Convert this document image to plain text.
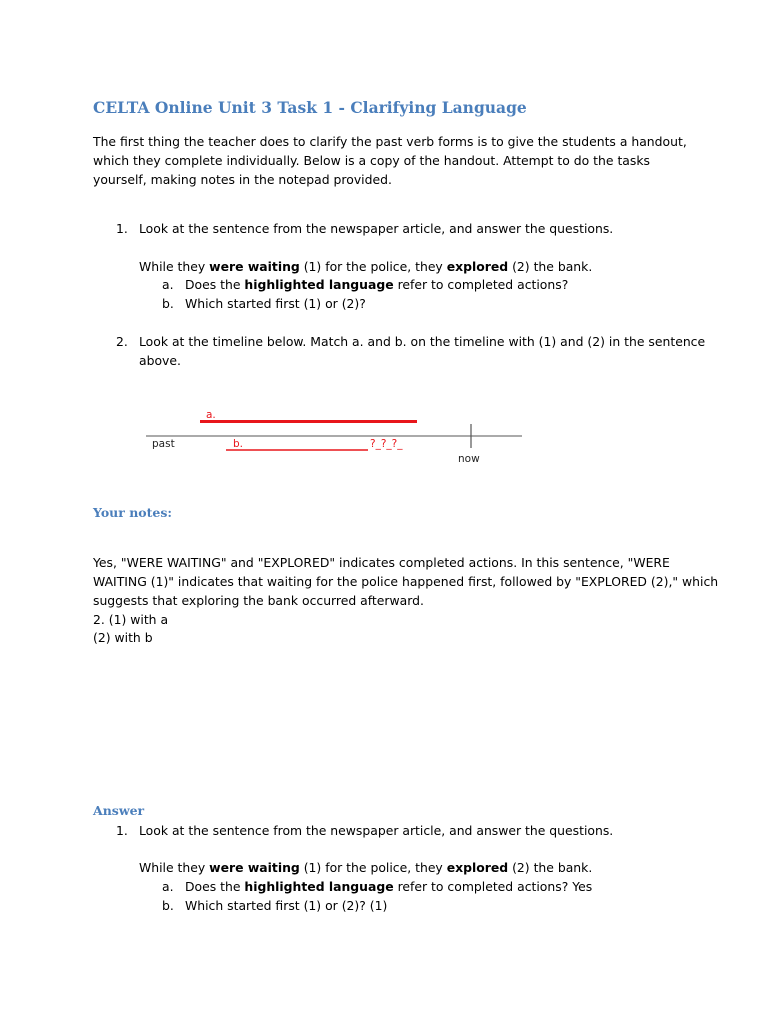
CELTA Online Unit 3 Task 1 - Clarifying Language

The first thing the teacher does to clarify the past verb forms is to give the students a handout, which they complete individually. Below is a copy of the handout. Attempt to do the tasks yourself, making notes in the notepad provided.

1. Look at the sentence from the newspaper article, and answer the questions.
While they were waiting (1) for the police, they explored (2) the bank.
a. Does the highlighted language refer to completed actions?
b. Which started first (1) or (2)?
2. Look at the timeline below. Match a. and b. on the timeline with (1) and (2) in the sentence
above.
past
now
a.
b.	?_?_?_
Your notes:
Yes, "WERE WAITING" and "EXPLORED" indicates completed actions. In this sentence, "WERE
WAITING (1)" indicates that waiting for the police happened first, followed by "EXPLORED (2)," which
suggests that exploring the bank occurred afterward.
2. (1) with a
(2) with b
Answer
1. Look at the sentence from the newspaper article, and answer the questions.
While they were waiting (1) for the police, they explored (2) the bank.
a. Does the highlighted language refer to completed actions? Yes
b. Which started first (1) or (2)? (1)
